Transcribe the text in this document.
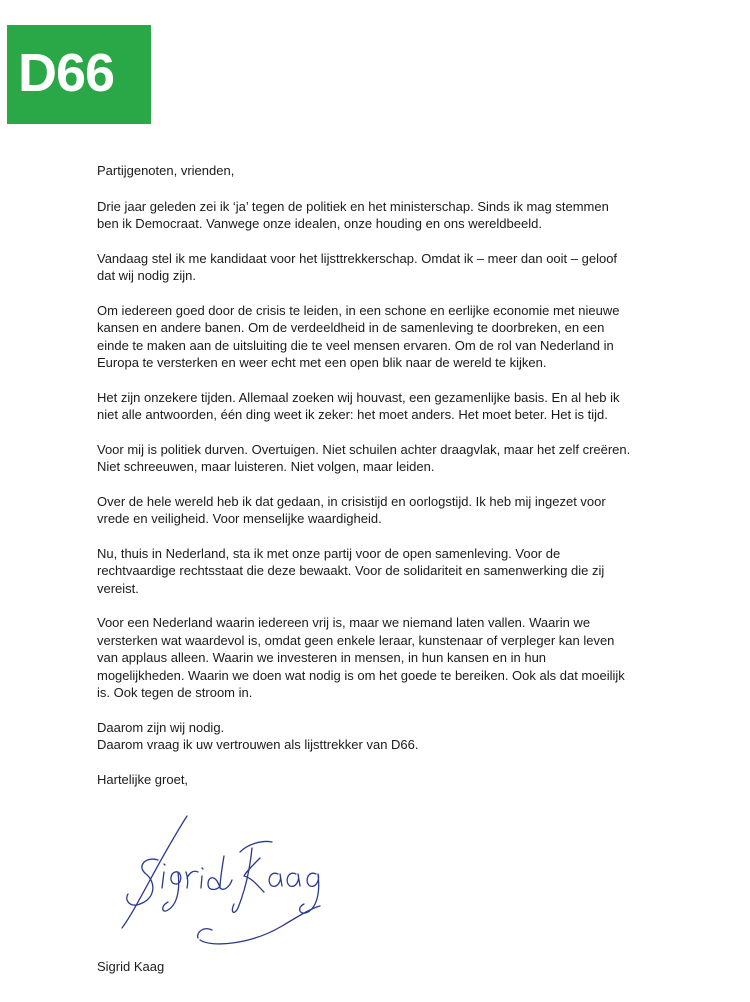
D66

Partijgenoten, vrienden,

Drie jaar geleden zei ik ‘ja’ tegen de politiek en het ministerschap. Sinds ik mag stemmen
ben ik Democraat. Vanwege onze idealen, onze houding en ons wereldbeeld.

Vandaag stel ik me kandidaat voor het lijsttrekkerschap. Omdat ik – meer dan ooit – geloof
dat wij nodig zijn.

Om iedereen goed door de crisis te leiden, in een schone en eerlijke economie met nieuwe
kansen en andere banen. Om de verdeeldheid in de samenleving te doorbreken, en een
einde te maken aan de uitsluiting die te veel mensen ervaren. Om de rol van Nederland in
Europa te versterken en weer echt met een open blik naar de wereld te kijken.

Het zijn onzekere tijden. Allemaal zoeken wij houvast, een gezamenlijke basis. En al heb ik
niet alle antwoorden, één ding weet ik zeker: het moet anders. Het moet beter. Het is tijd.

Voor mij is politiek durven. Overtuigen. Niet schuilen achter draagvlak, maar het zelf creëren.
Niet schreeuwen, maar luisteren. Niet volgen, maar leiden.

Over de hele wereld heb ik dat gedaan, in crisistijd en oorlogstijd. Ik heb mij ingezet voor
vrede en veiligheid. Voor menselijke waardigheid.

Nu, thuis in Nederland, sta ik met onze partij voor de open samenleving. Voor de
rechtvaardige rechtsstaat die deze bewaakt. Voor de solidariteit en samenwerking die zij
vereist.

Voor een Nederland waarin iedereen vrij is, maar we niemand laten vallen. Waarin we
versterken wat waardevol is, omdat geen enkele leraar, kunstenaar of verpleger kan leven
van applaus alleen. Waarin we investeren in mensen, in hun kansen en in hun
mogelijkheden. Waarin we doen wat nodig is om het goede te bereiken. Ook als dat moeilijk
is. Ook tegen de stroom in.

Daarom zijn wij nodig.
Daarom vraag ik uw vertrouwen als lijsttrekker van D66.

Hartelijke groet,

Sigrid Kaag
